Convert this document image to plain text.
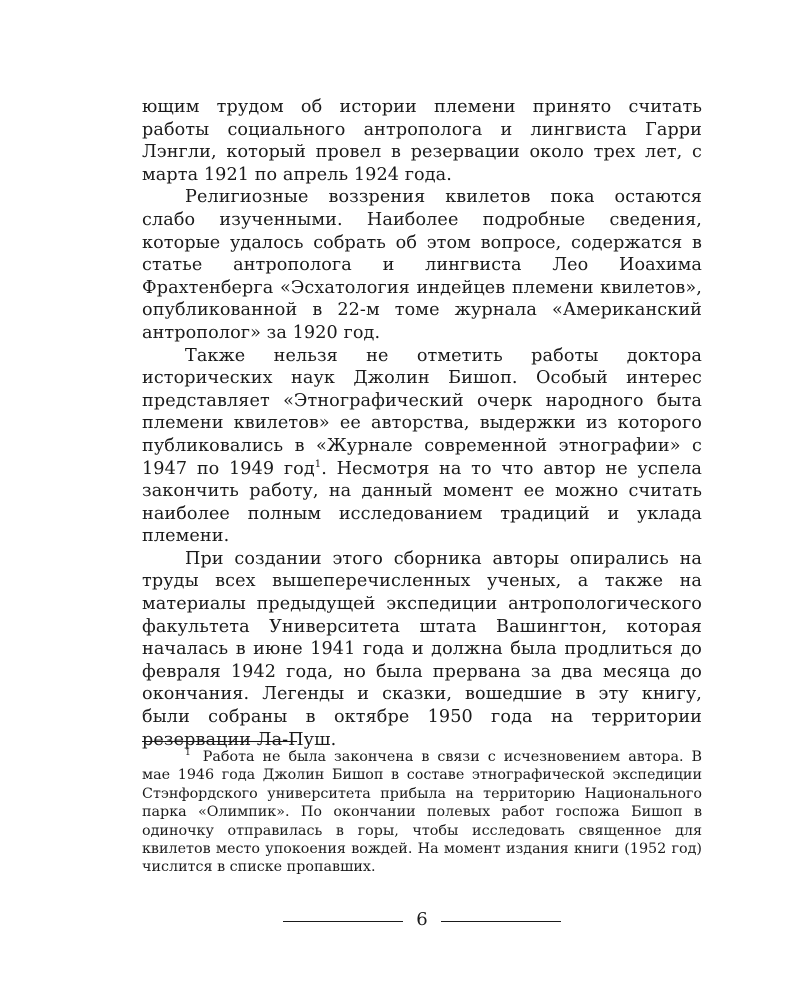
ющим трудом об истории племени принято считать работы социального антрополога и лингвиста Гарри Лэнгли, который провел в резервации около трех лет, с марта 1921 по апрель 1924 года.

Религиозные воззрения квилетов пока остаются слабо изученными. Наиболее подробные сведения, которые удалось собрать об этом вопросе, содержатся в статье антрополога и лингвиста Лео Иоахима Фрахтенберга «Эсхатология индейцев племени квилетов», опубликованной в 22-м томе журнала «Американский антрополог» за 1920 год.

Также нельзя не отметить работы доктора исторических наук Джолин Бишоп. Особый интерес представляет «Этнографический очерк народного быта племени квилетов» ее авторства, выдержки из которого публиковались в «Журнале современной этнографии» с 1947 по 1949 год$^1$. Несмотря на то что автор не успела закончить работу, на данный момент ее можно считать наиболее полным исследованием традиций и уклада племени.

При создании этого сборника авторы опирались на труды всех вышеперечисленных ученых, а также на материалы предыдущей экспедиции антропологического факультета Университета штата Вашингтон, которая началась в июне 1941 года и должна была продлиться до февраля 1942 года, но была прервана за два месяца до окончания. Легенды и сказки, вошедшие в эту книгу, были собраны в октябре 1950 года на территории резервации Ла-Пуш.

$^1$ Работа не была закончена в связи с исчезновением автора. В мае 1946 года Джолин Бишоп в составе этнографической экспедиции Стэнфордского университета прибыла на территорию Национального парка «Олимпик». По окончании полевых работ госпожа Бишоп в одиночку отправилась в горы, чтобы исследовать священное для квилетов место упокоения вождей. На момент издания книги (1952 год) числится в списке пропавших.

6
